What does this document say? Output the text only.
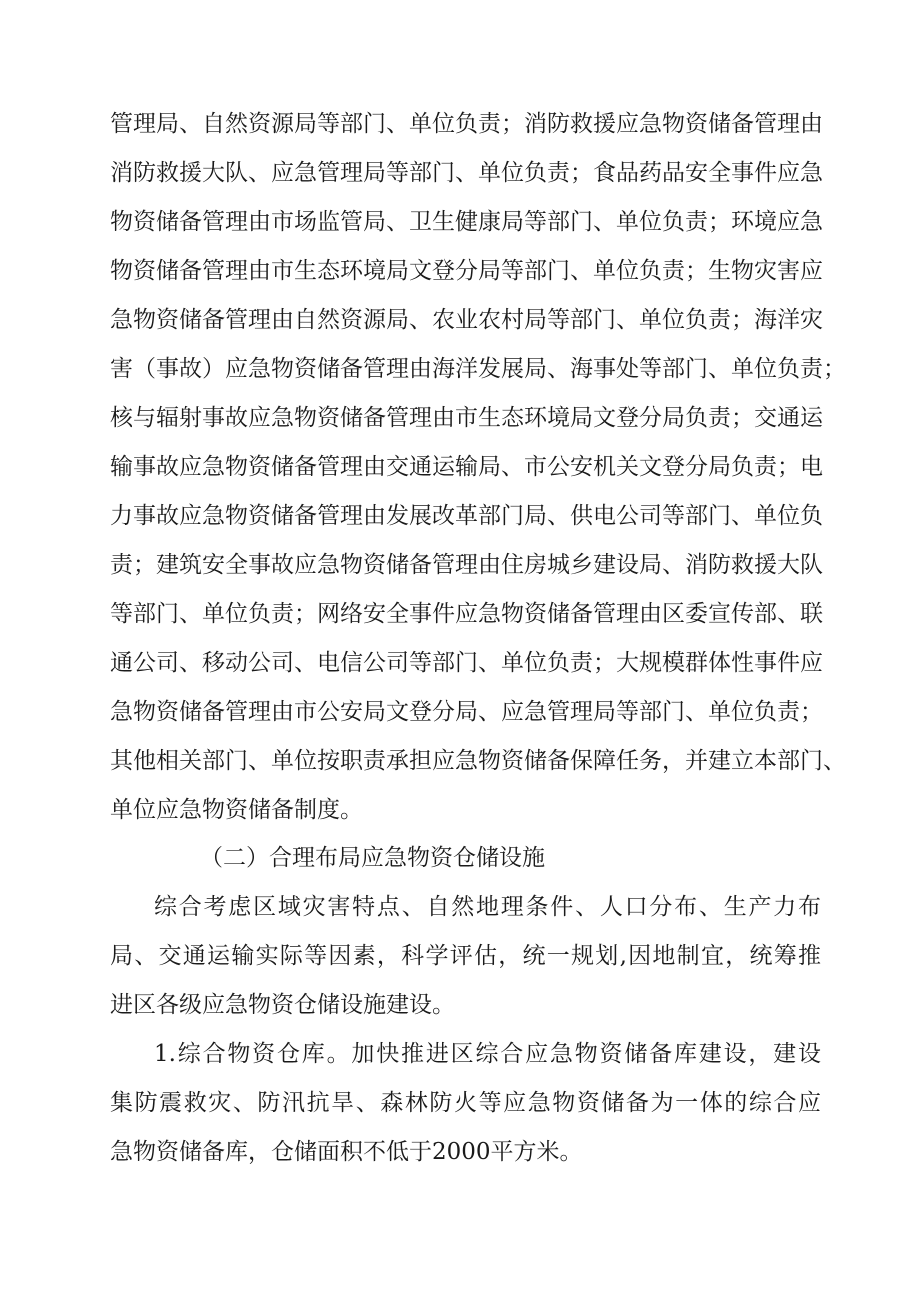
管理局、自然资源局等部门、单位负责；消防救援应急物资储备管理由
消防救援大队、应急管理局等部门、单位负责；食品药品安全事件应急
物资储备管理由市场监管局、卫生健康局等部门、单位负责；环境应急
物资储备管理由市生态环境局文登分局等部门、单位负责；生物灾害应
急物资储备管理由自然资源局、农业农村局等部门、单位负责；海洋灾
害（事故）应急物资储备管理由海洋发展局、海事处等部门、单位负责；
核与辐射事故应急物资储备管理由市生态环境局文登分局负责；交通运
输事故应急物资储备管理由交通运输局、市公安机关文登分局负责；电
力事故应急物资储备管理由发展改革部门局、供电公司等部门、单位负
责；建筑安全事故应急物资储备管理由住房城乡建设局、消防救援大队
等部门、单位负责；网络安全事件应急物资储备管理由区委宣传部、联
通公司、移动公司、电信公司等部门、单位负责；大规模群体性事件应
急物资储备管理由市公安局文登分局、应急管理局等部门、单位负责；
其他相关部门、单位按职责承担应急物资储备保障任务，并建立本部门、
单位应急物资储备制度。
（二）合理布局应急物资仓储设施
综合考虑区域灾害特点、自然地理条件、人口分布、生产力布
局、交通运输实际等因素，科学评估，统一规划,因地制宜，统筹推
进区各级应急物资仓储设施建设。
1.综合物资仓库。加快推进区综合应急物资储备库建设，建设
集防震救灾、防汛抗旱、森林防火等应急物资储备为一体的综合应
急物资储备库，仓储面积不低于2000平方米。
